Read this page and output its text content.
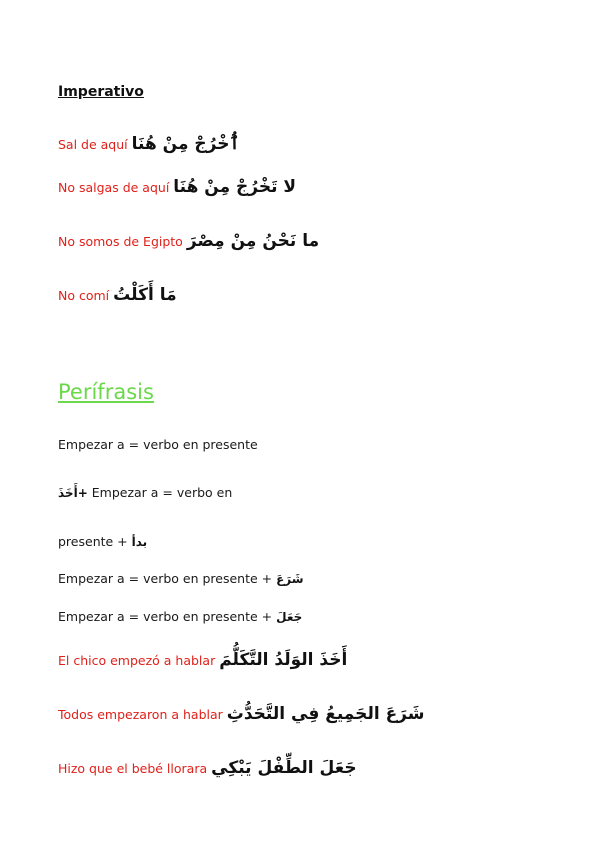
Imperativo
Sal de aquí ٱُخْرُجْ مِنْ هُنَا
No salgas de aquí لا تَخْرُجْ مِنْ هُنَا
No somos de Egipto ما نَحْنُ مِنْ مِصْرَ
No comí مَا أَكَلْتُ
Perífrasis
Empezar a = verbo en presente
أَخَذَ+ Empezar a = verbo en
presente + بدأ
Empezar a = verbo en presente + شَرَعَ
Empezar a = verbo en presente + جَعَلَ
El chico empezó a hablar أَخَذَ الوَلَدُ التَّكَلُّمَ
Todos empezaron a hablar شَرَعَ الجَمِيعُ فِي التَّحَدُّثِ
Hizo que el bebé llorara جَعَلَ الطِّفْلَ يَبْكِي
